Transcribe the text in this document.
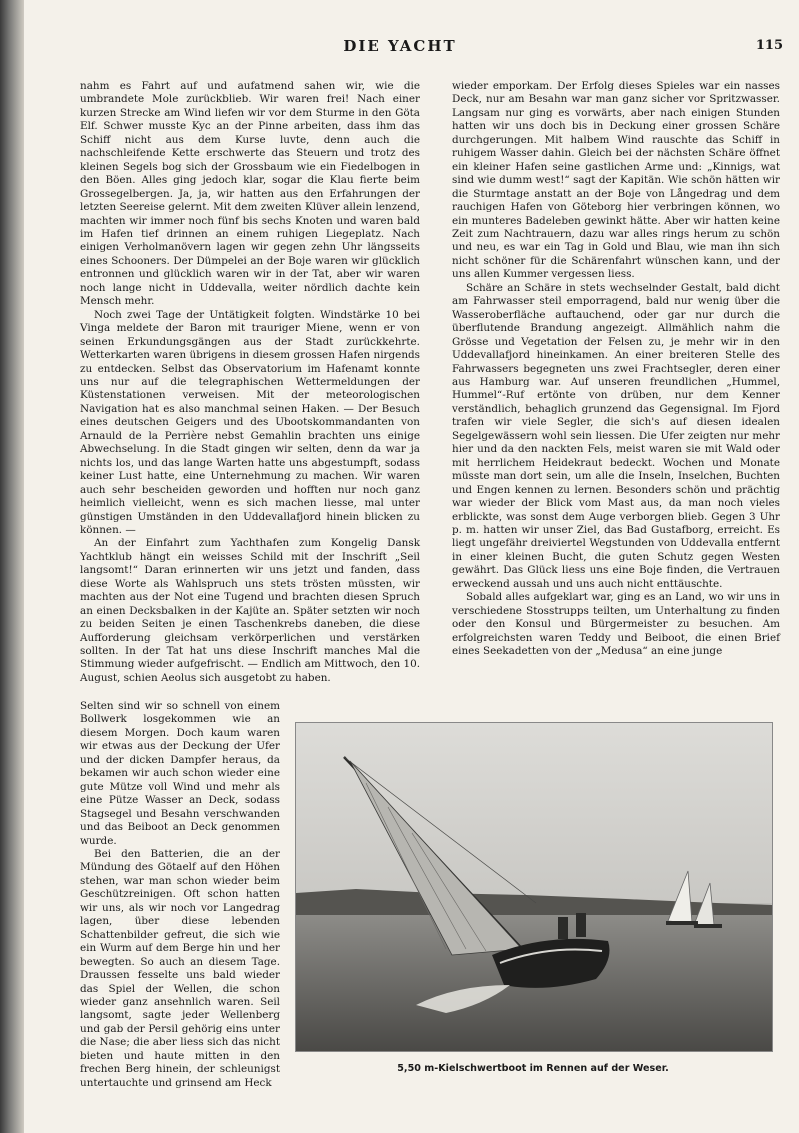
DIE YACHT	115

nahm es Fahrt auf und aufatmend sahen wir, wie die umbrandete Mole zurückblieb. Wir waren frei! Nach einer kurzen Strecke am Wind liefen wir vor dem Sturme in den Göta Elf. Schwer musste Kyc an der Pinne arbeiten, dass ihm das Schiff nicht aus dem Kurse luvte, denn auch die nachschleifende Kette erschwerte das Steuern und trotz des kleinen Segels bog sich der Grossbaum wie ein Fiedelbogen in den Böen. Alles ging jedoch klar, sogar die Klau fierte beim Grossegelbergen. Ja, ja, wir hatten aus den Erfahrungen der letzten Seereise gelernt. Mit dem zweiten Klüver allein lenzend, machten wir immer noch fünf bis sechs Knoten und waren bald im Hafen tief drinnen an einem ruhigen Liegeplatz. Nach einigen Verholmanövern lagen wir gegen zehn Uhr längsseits eines Schooners. Der Dümpelei an der Boje waren wir glücklich entronnen und glücklich waren wir in der Tat, aber wir waren noch lange nicht in Uddevalla, weiter nördlich dachte kein Mensch mehr.

Noch zwei Tage der Untätigkeit folgten. Windstärke 10 bei Vinga meldete der Baron mit trauriger Miene, wenn er von seinen Erkundungsgängen aus der Stadt zurückkehrte. Wetterkarten waren übrigens in diesem grossen Hafen nirgends zu entdecken. Selbst das Observatorium im Hafenamt konnte uns nur auf die telegraphischen Wettermeldungen der Küstenstationen verweisen. Mit der meteorologischen Navigation hat es also manchmal seinen Haken. — Der Besuch eines deutschen Geigers und des Ubootskommandanten von Arnauld de la Perrière nebst Gemahlin brachten uns einige Abwechselung. In die Stadt gingen wir selten, denn da war ja nichts los, und das lange Warten hatte uns abgestumpft, sodass keiner Lust hatte, eine Unternehmung zu machen. Wir waren auch sehr bescheiden geworden und hofften nur noch ganz heimlich vielleicht, wenn es sich machen liesse, mal unter günstigen Umständen in den Uddevallafjord hinein blicken zu können. —

An der Einfahrt zum Yachthafen zum Kongelig Dansk Yachtklub hängt ein weisses Schild mit der Inschrift „Seil langsomt!“ Daran erinnerten wir uns jetzt und fanden, dass diese Worte als Wahlspruch uns stets trösten müssten, wir machten aus der Not eine Tugend und brachten diesen Spruch an einen Decksbalken in der Kajüte an. Später setzten wir noch zu beiden Seiten je einen Taschenkrebs daneben, die diese Aufforderung gleichsam verkörperlichen und verstärken sollten. In der Tat hat uns diese Inschrift manches Mal die Stimmung wieder aufgefrischt. — Endlich am Mittwoch, den 10. August, schien Aeolus sich ausgetobt zu haben.

Selten sind wir so schnell von einem Bollwerk losgekommen wie an diesem Morgen. Doch kaum waren wir etwas aus der Deckung der Ufer und der dicken Dampfer heraus, da bekamen wir auch schon wieder eine gute Mütze voll Wind und mehr als eine Pütze Wasser an Deck, sodass Stagsegel und Besahn verschwanden und das Beiboot an Deck genommen wurde.

Bei den Batterien, die an der Mündung des Götaelf auf den Höhen stehen, war man schon wieder beim Geschützreinigen. Oft schon hatten wir uns, als wir noch vor Langedrag lagen, über diese lebenden Schattenbilder gefreut, die sich wie ein Wurm auf dem Berge hin und her bewegten. So auch an diesem Tage. Draussen fesselte uns bald wieder das Spiel der Wellen, die schon wieder ganz ansehnlich waren. Seil langsomt, sagte jeder Wellenberg und gab der Persil gehörig eins unter die Nase; die aber liess sich das nicht bieten und haute mitten in den frechen Berg hinein, der schleunigst untertauchte und grinsend am Heck

wieder emporkam. Der Erfolg dieses Spieles war ein nasses Deck, nur am Besahn war man ganz sicher vor Spritzwasser. Langsam nur ging es vorwärts, aber nach einigen Stunden hatten wir uns doch bis in Deckung einer grossen Schäre durchgerungen. Mit halbem Wind rauschte das Schiff in ruhigem Wasser dahin. Gleich bei der nächsten Schäre öffnet ein kleiner Hafen seine gastlichen Arme und: „Kinnigs, wat sind wie dumm west!“ sagt der Kapitän. Wie schön hätten wir die Sturmtage anstatt an der Boje von Långedrag und dem rauchigen Hafen von Göteborg hier verbringen können, wo ein munteres Badeleben gewinkt hätte. Aber wir hatten keine Zeit zum Nachtrauern, dazu war alles rings herum zu schön und neu, es war ein Tag in Gold und Blau, wie man ihn sich nicht schöner für die Schärenfahrt wünschen kann, und der uns allen Kummer vergessen liess.

Schäre an Schäre in stets wechselnder Gestalt, bald dicht am Fahrwasser steil emporragend, bald nur wenig über die Wasseroberfläche auftauchend, oder gar nur durch die überflutende Brandung angezeigt. Allmählich nahm die Grösse und Vegetation der Felsen zu, je mehr wir in den Uddevallafjord hineinkamen. An einer breiteren Stelle des Fahrwassers begegneten uns zwei Frachtsegler, deren einer aus Hamburg war. Auf unseren freundlichen „Hummel, Hummel“-Ruf ertönte von drüben, nur dem Kenner verständlich, behaglich grunzend das Gegensignal. Im Fjord trafen wir viele Segler, die sich's auf diesen idealen Segelgewässern wohl sein liessen. Die Ufer zeigten nur mehr hier und da den nackten Fels, meist waren sie mit Wald oder mit herrlichem Heidekraut bedeckt. Wochen und Monate müsste man dort sein, um alle die Inseln, Inselchen, Buchten und Engen kennen zu lernen. Besonders schön und prächtig war wieder der Blick vom Mast aus, da man noch vieles erblickte, was sonst dem Auge verborgen blieb. Gegen 3 Uhr p. m. hatten wir unser Ziel, das Bad Gustafborg, erreicht. Es liegt ungefähr dreiviertel Wegstunden von Uddevalla entfernt in einer kleinen Bucht, die guten Schutz gegen Westen gewährt. Das Glück liess uns eine Boje finden, die Vertrauen erweckend aussah und uns auch nicht enttäuschte.

Sobald alles aufgeklart war, ging es an Land, wo wir uns in verschiedene Stosstrupps teilten, um Unterhaltung zu finden oder den Konsul und Bürgermeister zu besuchen. Am erfolgreichsten waren Teddy und Beiboot, die einen Brief eines Seekadetten von der „Medusa“ an eine junge

5,50 m-Kielschwertboot im Rennen auf der Weser.
